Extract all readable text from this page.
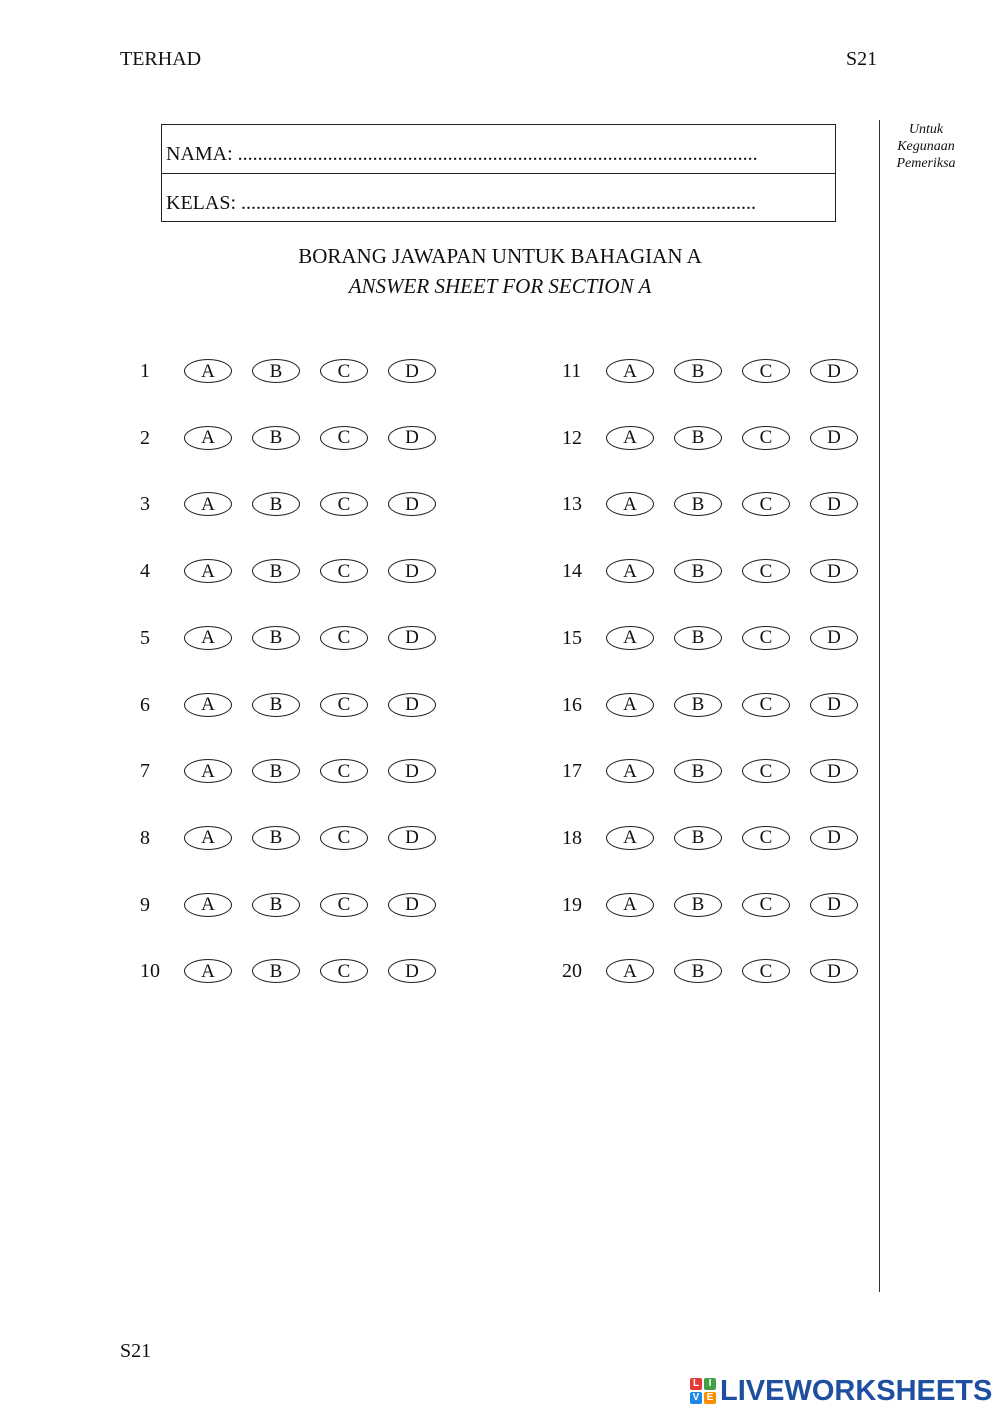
TERHAD	S21
Untuk
Kegunaan
Pemeriksa
NAMA: ........................................................................................................
KELAS: .......................................................................................................
BORANG JAWAPAN UNTUK BAHAGIAN A
ANSWER SHEET FOR SECTION A
1	A	B	C	D
2	A	B	C	D
3	A	B	C	D
4	A	B	C	D
5	A	B	C	D
6	A	B	C	D
7	A	B	C	D
8	A	B	C	D
9	A	B	C	D
10	A	B	C	D
11	A	B	C	D
12	A	B	C	D
13	A	B	C	D
14	A	B	C	D
15	A	B	C	D
16	A	B	C	D
17	A	B	C	D
18	A	B	C	D
19	A	B	C	D
20	A	B	C	D
S21
L I
V E LIVEWORKSHEETS
